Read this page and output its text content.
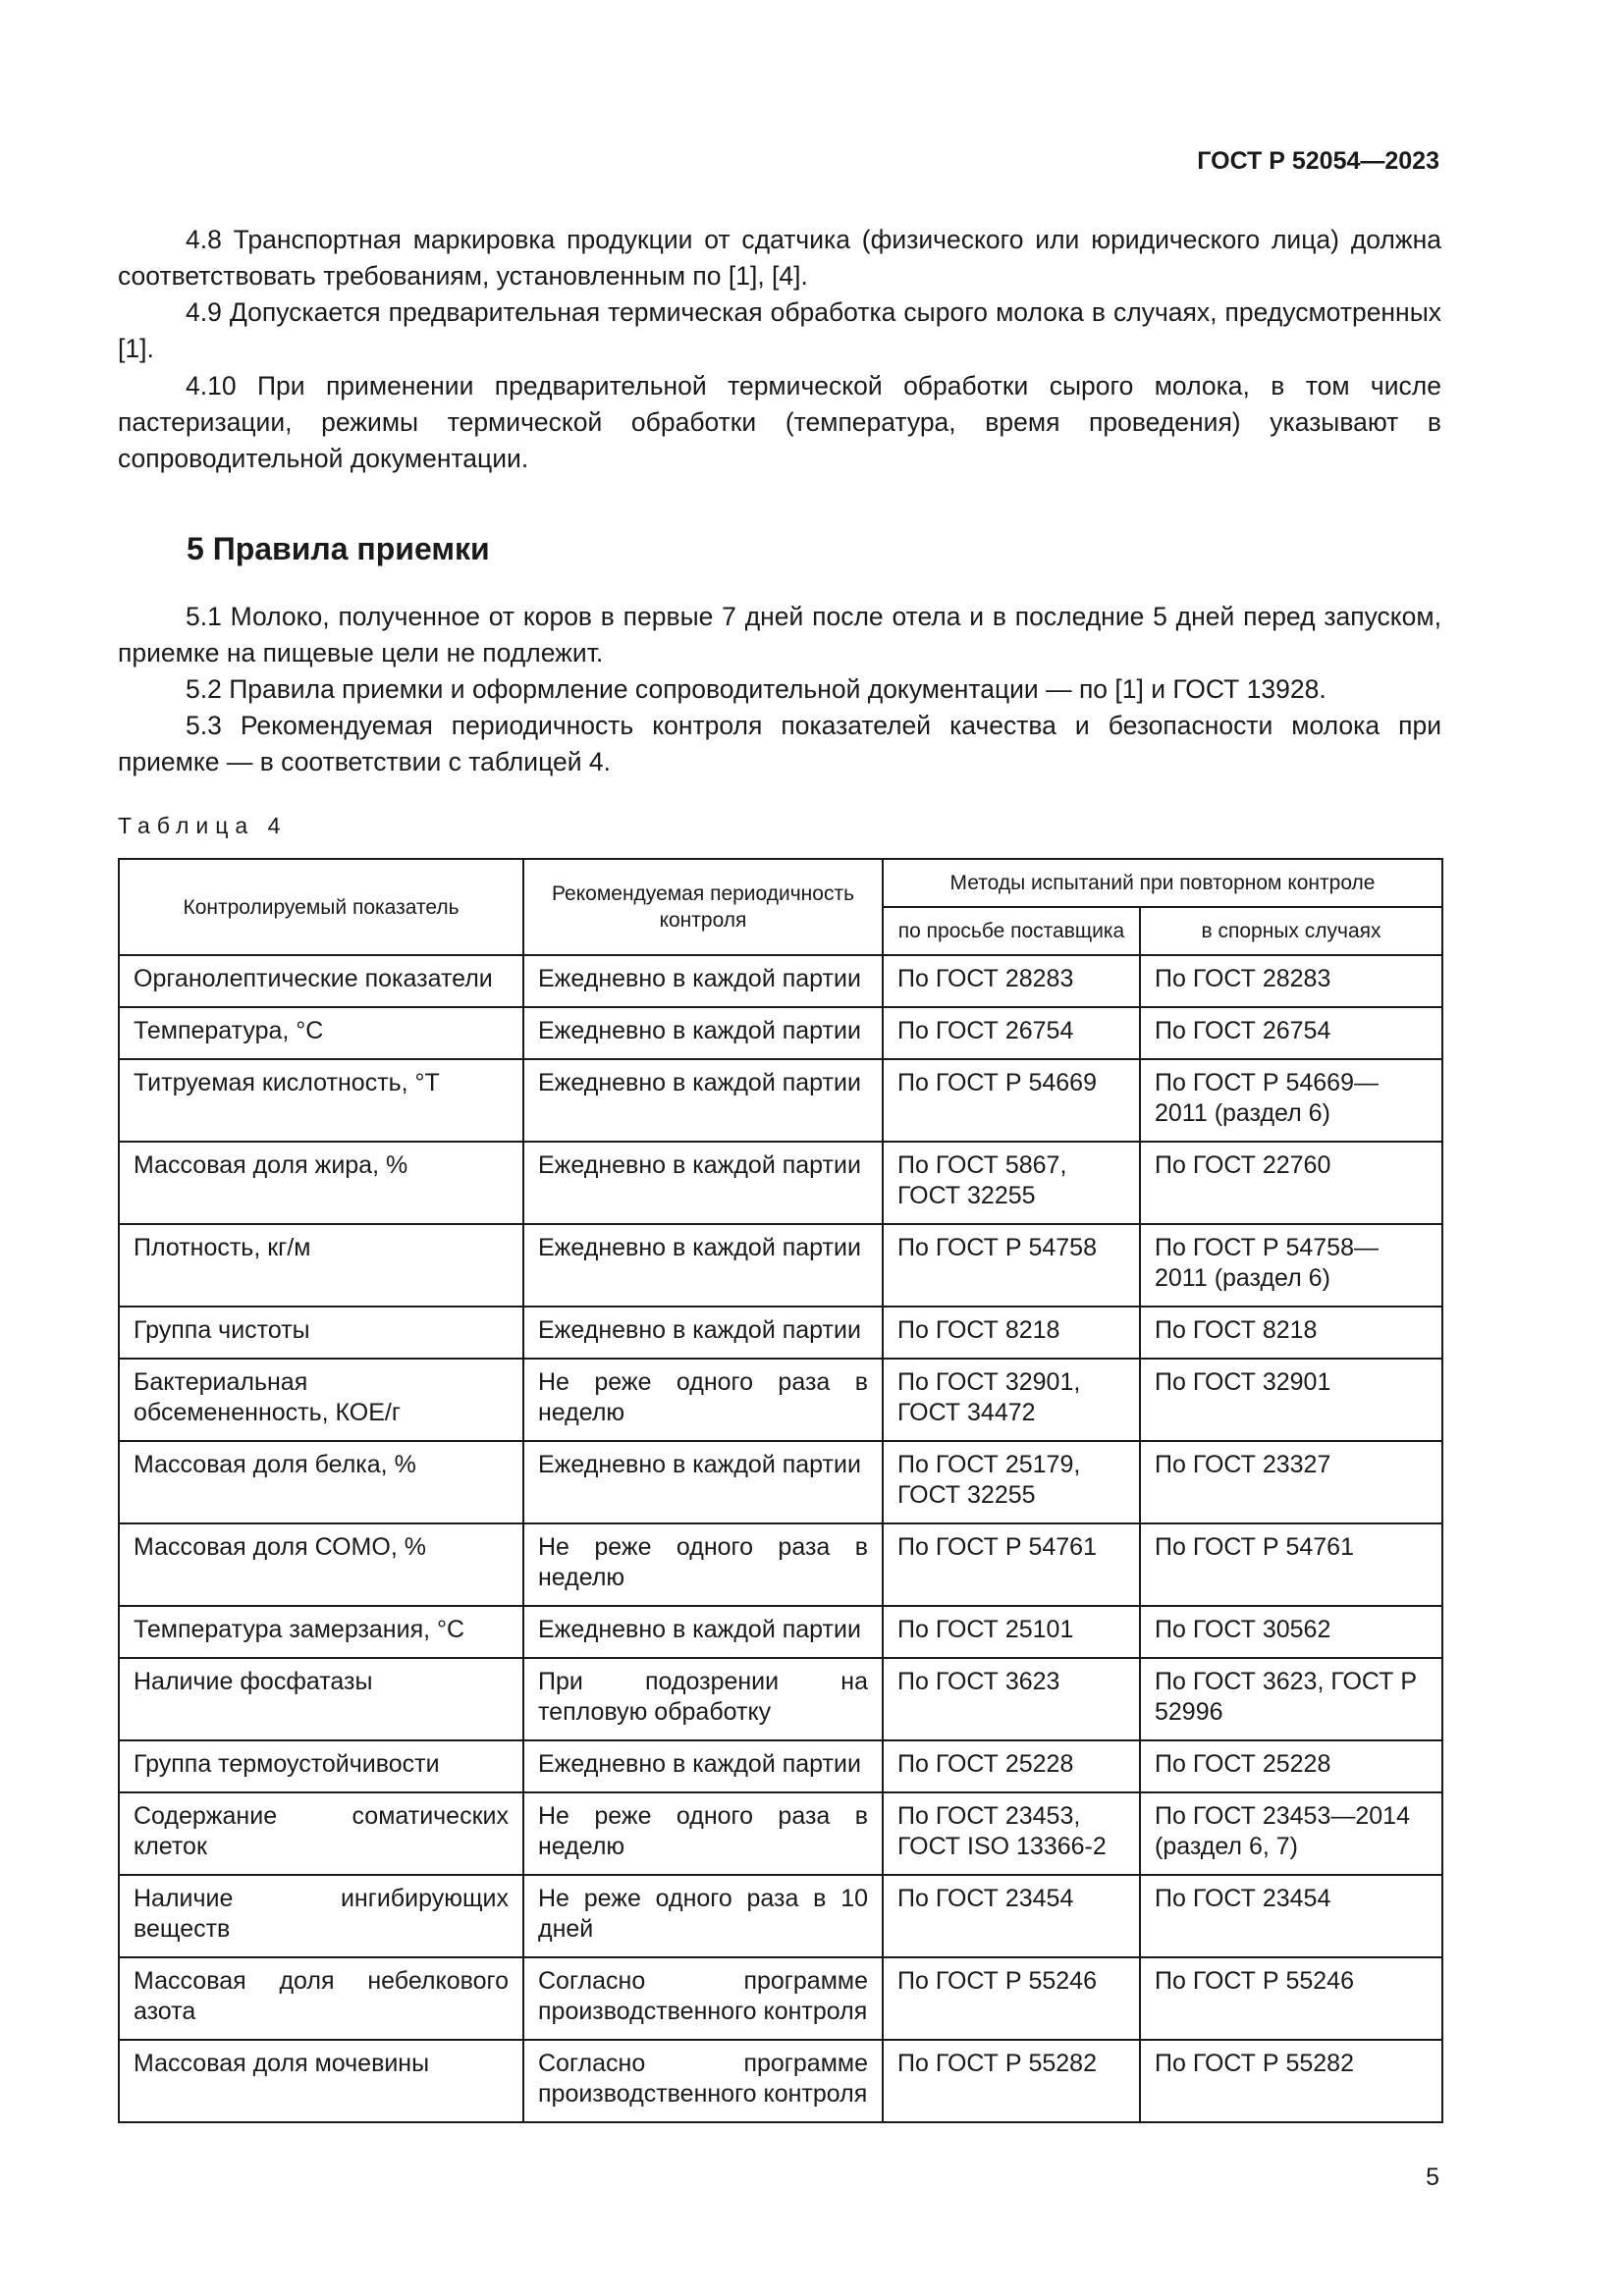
ГОСТ Р 52054—2023

4.8 Транспортная маркировка продукции от сдатчика (физического или юридического лица) должна соответствовать требованиям, установленным по [1], [4].

4.9 Допускается предварительная термическая обработка сырого молока в случаях, предусмотренных [1].

4.10 При применении предварительной термической обработки сырого молока, в том числе пастеризации, режимы термической обработки (температура, время проведения) указывают в сопроводительной документации.

5 Правила приемки

5.1 Молоко, полученное от коров в первые 7 дней после отела и в последние 5 дней перед запуском, приемке на пищевые цели не подлежит.

5.2 Правила приемки и оформление сопроводительной документации — по [1] и ГОСТ 13928.

5.3 Рекомендуемая периодичность контроля показателей качества и безопасности молока при приемке — в соответствии с таблицей 4.

Таблица 4
Контролируемый показатель	Рекомендуемая периодичность контроля	Методы испытаний при повторном контроле	
		по просьбе поставщика	в спорных случаях
Органолептические показатели	Ежедневно в каждой партии	По ГОСТ 28283	По ГОСТ 28283
Температура, °С	Ежедневно в каждой партии	По ГОСТ 26754	По ГОСТ 26754
Титруемая кислотность, °Т	Ежедневно в каждой партии	По ГОСТ Р 54669	По ГОСТ Р 54669—2011 (раздел 6)
Массовая доля жира, %	Ежедневно в каждой партии	По ГОСТ 5867, ГОСТ 32255	По ГОСТ 22760
Плотность, кг/м	Ежедневно в каждой партии	По ГОСТ Р 54758	По ГОСТ Р 54758—2011 (раздел 6)
Группа чистоты	Ежедневно в каждой партии	По ГОСТ 8218	По ГОСТ 8218
Бактериальная обсемененность, КОЕ/г	Не реже одного раза в неделю	По ГОСТ 32901, ГОСТ 34472	По ГОСТ 32901
Массовая доля белка, %	Ежедневно в каждой партии	По ГОСТ 25179, ГОСТ 32255	По ГОСТ 23327
Массовая доля СОМО, %	Не реже одного раза в неделю	По ГОСТ Р 54761	По ГОСТ Р 54761
Температура замерзания, °С	Ежедневно в каждой партии	По ГОСТ 25101	По ГОСТ 30562
Наличие фосфатазы	При подозрении на тепловую обработку	По ГОСТ 3623	По ГОСТ 3623, ГОСТ Р 52996
Группа термоустойчивости	Ежедневно в каждой партии	По ГОСТ 25228	По ГОСТ 25228
Содержание соматических клеток	Не реже одного раза в неделю	По ГОСТ 23453, ГОСТ ISO 13366-2	По ГОСТ 23453—2014 (раздел 6, 7)
Наличие ингибирующих веществ	Не реже одного раза в 10 дней	По ГОСТ 23454	По ГОСТ 23454
Массовая доля небелкового азота	Согласно программе производственного контроля	По ГОСТ Р 55246	По ГОСТ Р 55246
Массовая доля мочевины	Согласно программе производственного контроля	По ГОСТ Р 55282	По ГОСТ Р 55282
5
